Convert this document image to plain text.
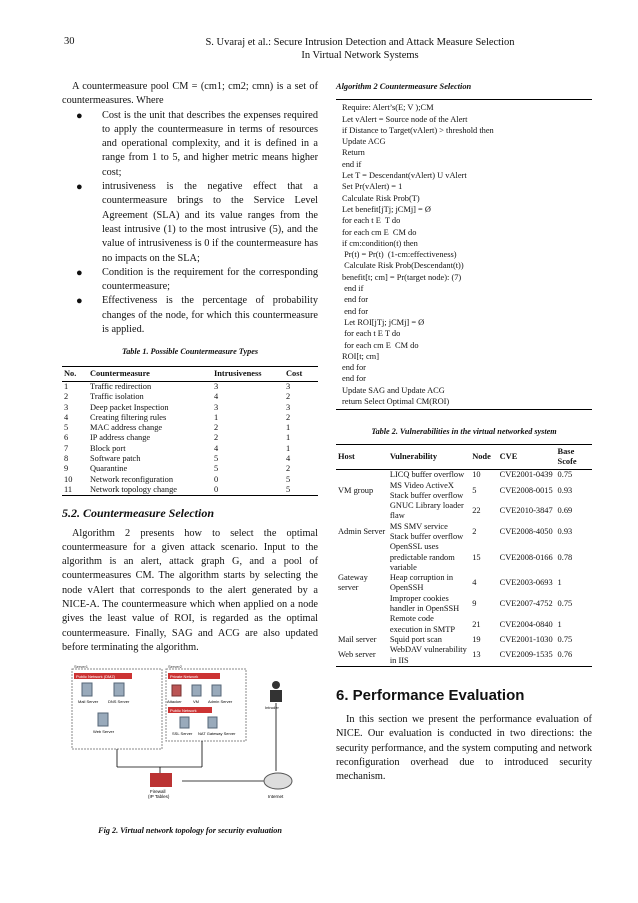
30	S. Uvaraj et al.: Secure Intrusion Detection and Attack Measure Selection
In Virtual Network Systems

A countermeasure pool CM = (cm1; cm2; cmn) is a set of countermeasures. Where

● Cost is the unit that describes the expenses required to apply the countermeasure in terms of resources and operational complexity, and it is defined in a range from 1 to 5, and higher metric means higher cost;
● intrusiveness is the negative effect that a countermeasure brings to the Service Level Agreement (SLA) and its value ranges from the least intrusive (1) to the most intrusive (5), and the value of intrusiveness is 0 if the countermeasure has no impacts on the SLA;
● Condition is the requirement for the corresponding countermeasure;
● Effectiveness is the percentage of probability changes of the node, for which this countermeasure is applied.
Table 1. Possible Countermeasure Types
No.	Countermeasure	Intrusiveness	Cost
1	Traffic redirection	3	3
2	Traffic isolation	4	2
3	Deep packet Inspection	3	3
4	Creating filtering rules	1	2
5	MAC address change	2	1
6	IP address change	2	1
7	Block port	4	1
8	Software patch	5	4
9	Quarantine	5	2
10	Network reconfiguration	0	5
11	Network topology change	0	5
5.2. Countermeasure Selection

Algorithm 2 presents how to select the optimal countermeasure for a given attack scenario. Input to the algorithm is an alert, attack graph G, and a pool of countermeasures CM. The algorithm starts by selecting the node vAlert that corresponds to the alert generated by a NICE-A. The countermeasure which when applied on a node gives the least value of ROI, is regarded as the optimal countermeasure. Finally, SAG and ACG are also updated before terminating the algorithm.

Server1
Public Network (DMZ)
Server2
Private Network
Public Network
Mail Server DNS Server
Web Server
Attacker	VM Admin Server
SSL Server NAT Gateway Server
Intruder
Firewall
(IP Tables)	Internet
Fig 2. Virtual network topology for security evaluation
Algorithm 2 Countermeasure Selection
Require: Alert’s(E; V );CM
Let vAlert = Source node of the Alert
if Distance to Target(vAlert) > threshold then
Update ACG
Return
end if
Let T = Descendant(vAlert) U vAlert
Set Pr(vAlert) = 1
Calculate Risk Prob(T)
Let benefit[jTj; jCMj] = Ø
for each t E  T do
for each cm E  CM do
if cm:condition(t) then
Pr(t) = Pr(t)  (1-cm:effectiveness)
Calculate Risk Prob(Descendant(t))
benefit[t; cm] = Pr(target node): (7)
end if
end for
end for
Let ROI[jTj; jCMj] = Ø
for each t E T do
for each cm E  CM do
ROI[t; cm]
end for
end for
Update SAG and Update ACG
return Select Optimal CM(ROI)
Table 2. Vulnerabilities in the virtual networked system
Host	Vulnerability	Node	CVE	Base Scofe
	LICQ buffer overflow	10	CVE2001-0439	0.75
VM group	MS Video ActiveX Stack buffer overflow	5	CVE2008-0015	0.93
	GNUC Library loader flaw	22	CVE2010-3847	0.69
Admin Server	MS SMV service Stack buffer overflow	2	CVE2008-4050	0.93
	OpenSSL uses predictable random variable	15	CVE2008-0166	0.78
Gateway server	Heap corruption in OpenSSH	4	CVE2003-0693	1
	Improper cookies handler in OpenSSH	9	CVE2007-4752	0.75
	Remote code execution in SMTP	21	CVE2004-0840	1
Mail server	Squid port scan	19	CVE2001-1030	0.75
Web server	WebDAV vulnerability in IIS	13	CVE2009-1535	0.76
6. Performance Evaluation

In this section we present the performance evaluation of NICE. Our evaluation is conducted in two directions: the security performance, and the system computing and network reconfiguration overhead due to introduced security mechanism.
